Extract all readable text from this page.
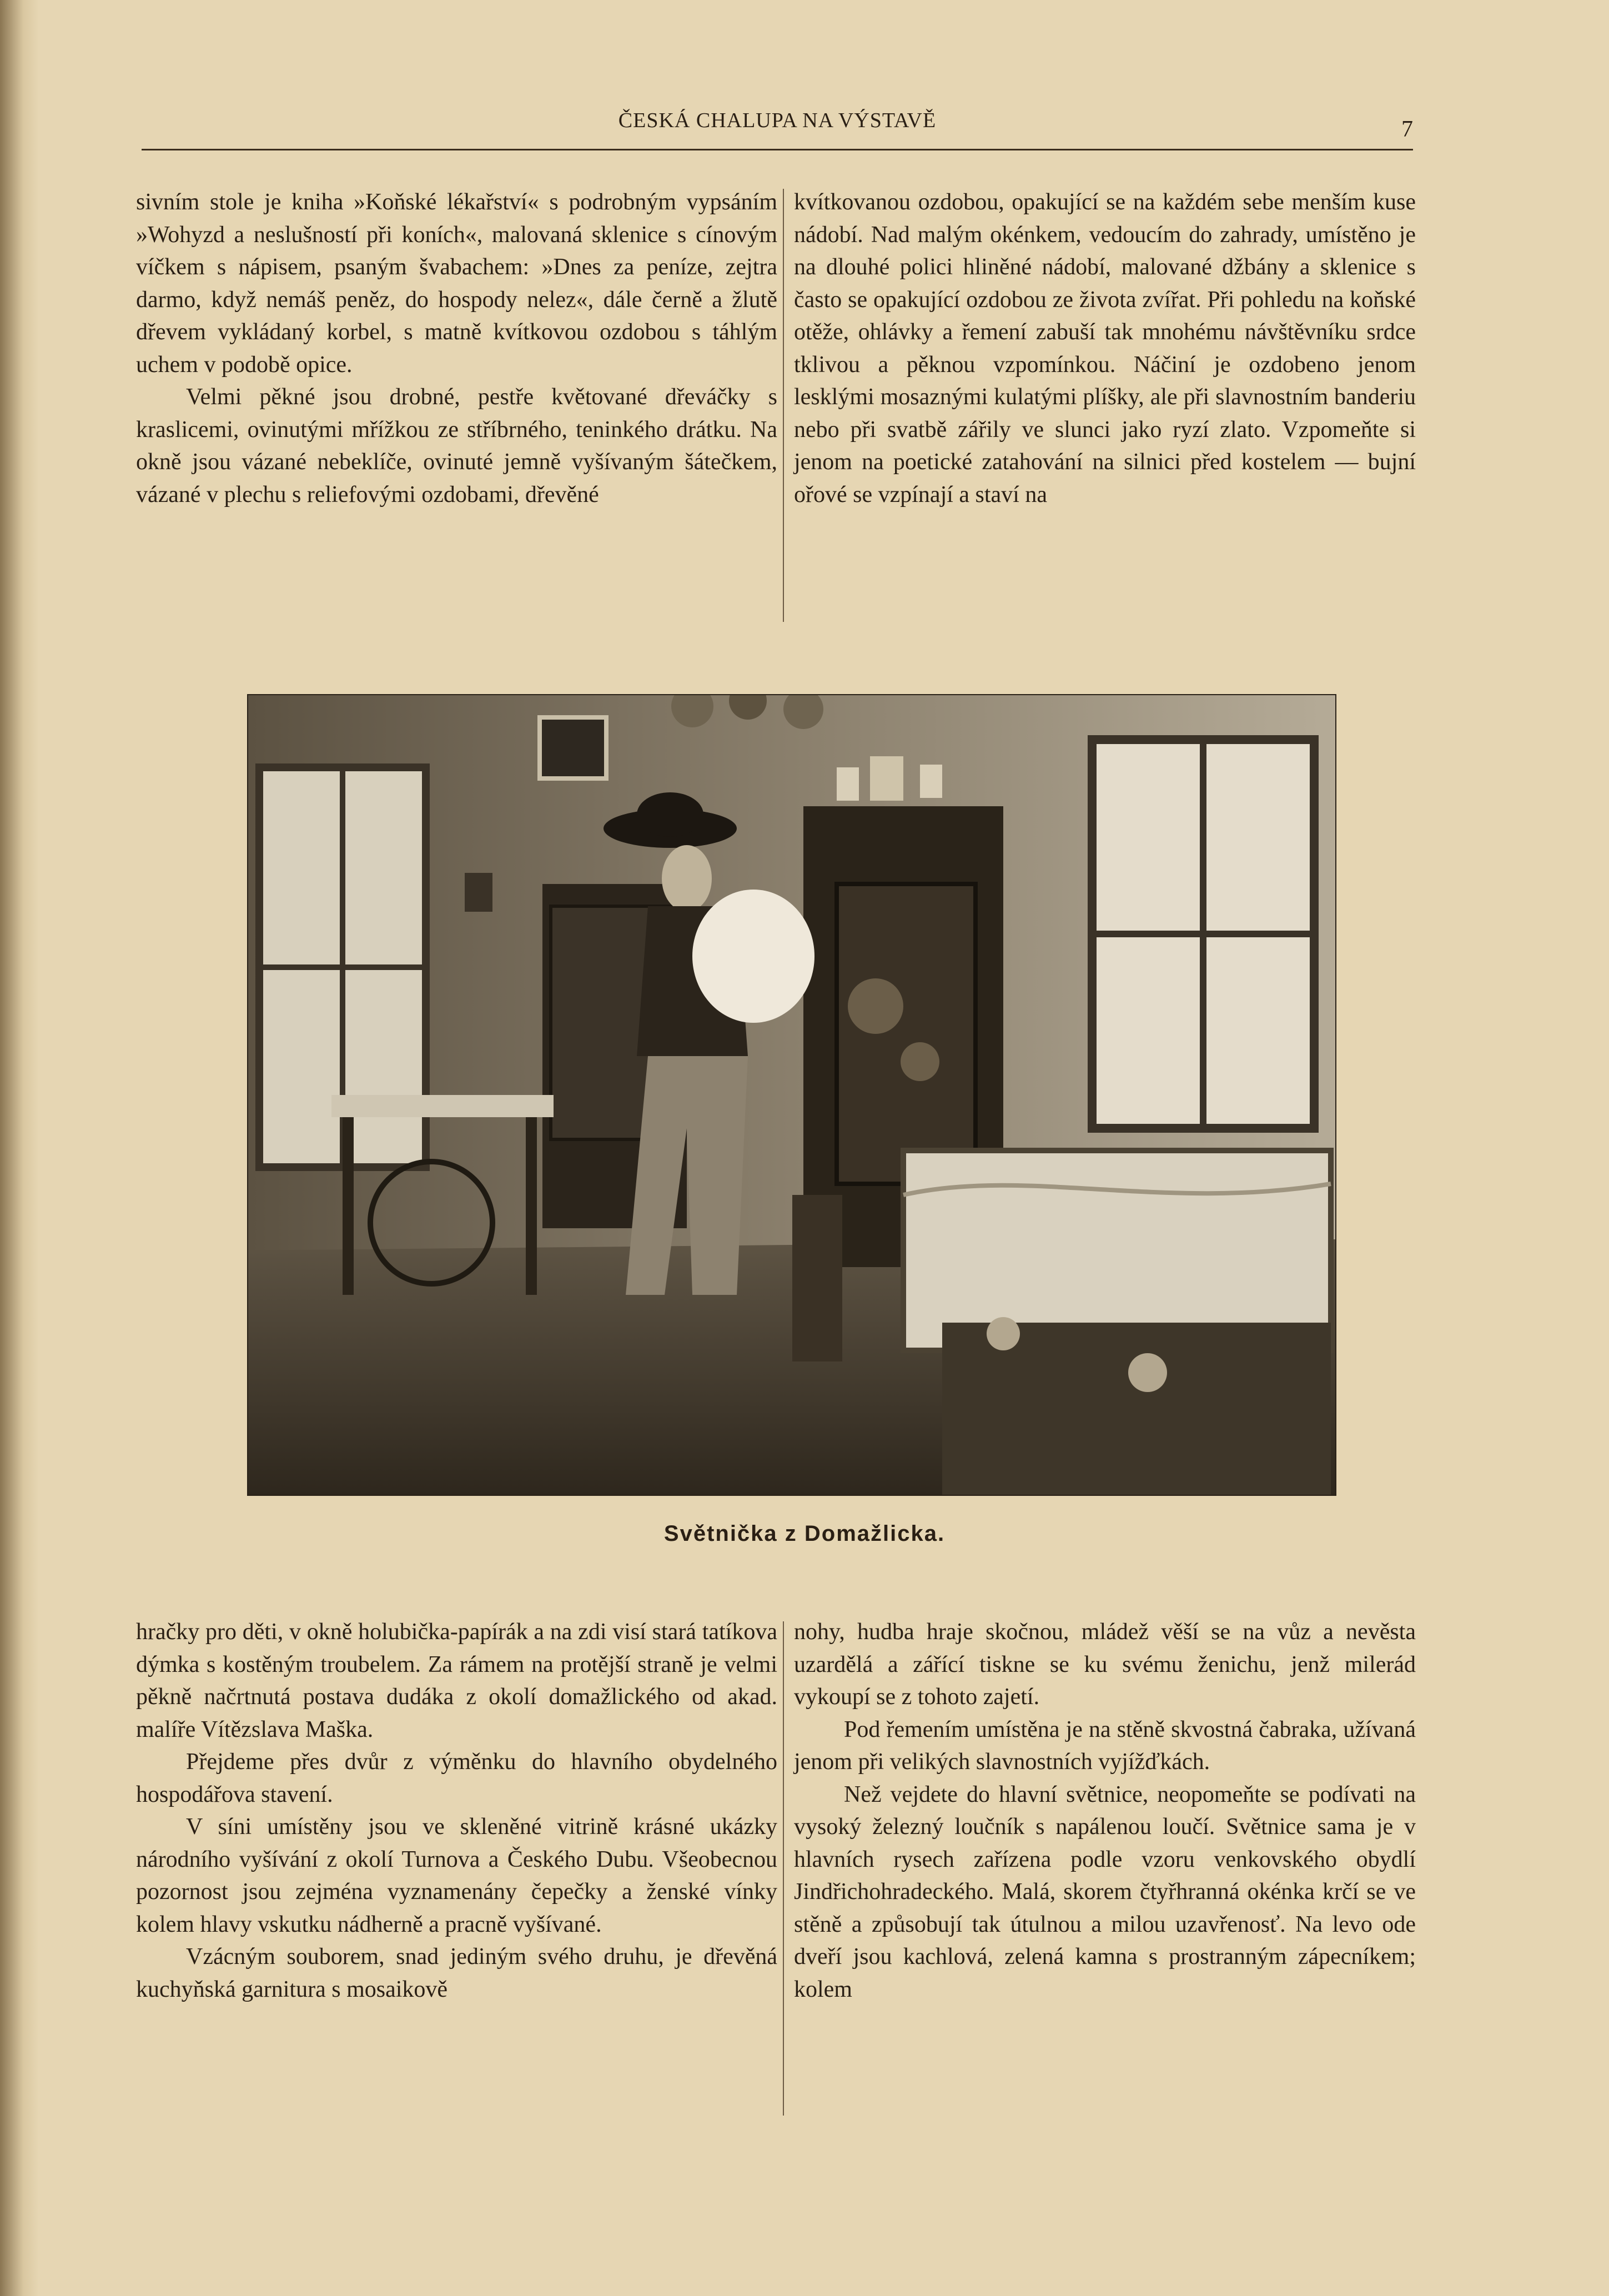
ČESKÁ CHALUPA NA VÝSTAVĚ	7

sivním stole je kniha »Koňské lékařství« s podrobným vypsáním »Wohyzd a neslušností při koních«, malovaná sklenice s cínovým víčkem s nápisem, psaným švabachem: »Dnes za peníze, zejtra darmo, když nemáš peněz, do hospody nelez«, dále černě a žlutě dřevem vykládaný korbel, s matně kvítkovou ozdobou s táhlým uchem v podobě opice.

Velmi pěkné jsou drobné, pestře květované dřeváčky s kraslicemi, ovinutými mřížkou ze stříbrného, teninkého drátku. Na okně jsou vázané nebeklíče, ovinuté jemně vyšívaným šátečkem, vázané v plechu s reliefovými ozdobami, dřevěné

kvítkovanou ozdobou, opakující se na každém sebe menším kuse nádobí. Nad malým okénkem, vedoucím do zahrady, umístěno je na dlouhé polici hliněné nádobí, malované džbány a sklenice s často se opakující ozdobou ze života zvířat. Při pohledu na koňské otěže, ohlávky a řemení zabuší tak mnohému návštěvníku srdce tklivou a pěknou vzpomínkou. Náčiní je ozdobeno jenom lesklými mosaznými kulatými plíšky, ale při slavnostním banderiu nebo při svatbě zářily ve slunci jako ryzí zlato. Vzpomeňte si jenom na poetické zatahování na silnici před kostelem — bujní ořové se vzpínají a staví na

Světnička z Domažlicka.

hračky pro děti, v okně holubička-papírák a na zdi visí stará tatíkova dýmka s kostěným troubelem. Za rámem na protější straně je velmi pěkně načrtnutá postava dudáka z okolí domažlického od akad. malíře Vítězslava Maška.

Přejdeme přes dvůr z výměnku do hlavního obydelného hospodářova stavení.

V síni umístěny jsou ve skleněné vitrině krásné ukázky národního vyšívání z okolí Turnova a Českého Dubu. Všeobecnou pozornost jsou zejména vyznamenány čepečky a ženské vínky kolem hlavy vskutku nádherně a pracně vyšívané.

Vzácným souborem, snad jediným svého druhu, je dřevěná kuchyňská garnitura s mosaikově

nohy, hudba hraje skočnou, mládež věší se na vůz a nevěsta uzardělá a zářící tiskne se ku svému ženichu, jenž milerád vykoupí se z tohoto zajetí.

Pod řemením umístěna je na stěně skvostná čabraka, užívaná jenom při velikých slavnostních vyjížďkách.

Než vejdete do hlavní světnice, neopomeňte se podívati na vysoký železný loučník s napálenou loučí. Světnice sama je v hlavních rysech zařízena podle vzoru venkovského obydlí Jindřichohradeckého. Malá, skorem čtyřhranná okénka krčí se ve stěně a způsobují tak útulnou a milou uzavřenosť. Na levo ode dveří jsou kachlová, zelená kamna s prostranným zápecníkem; kolem
